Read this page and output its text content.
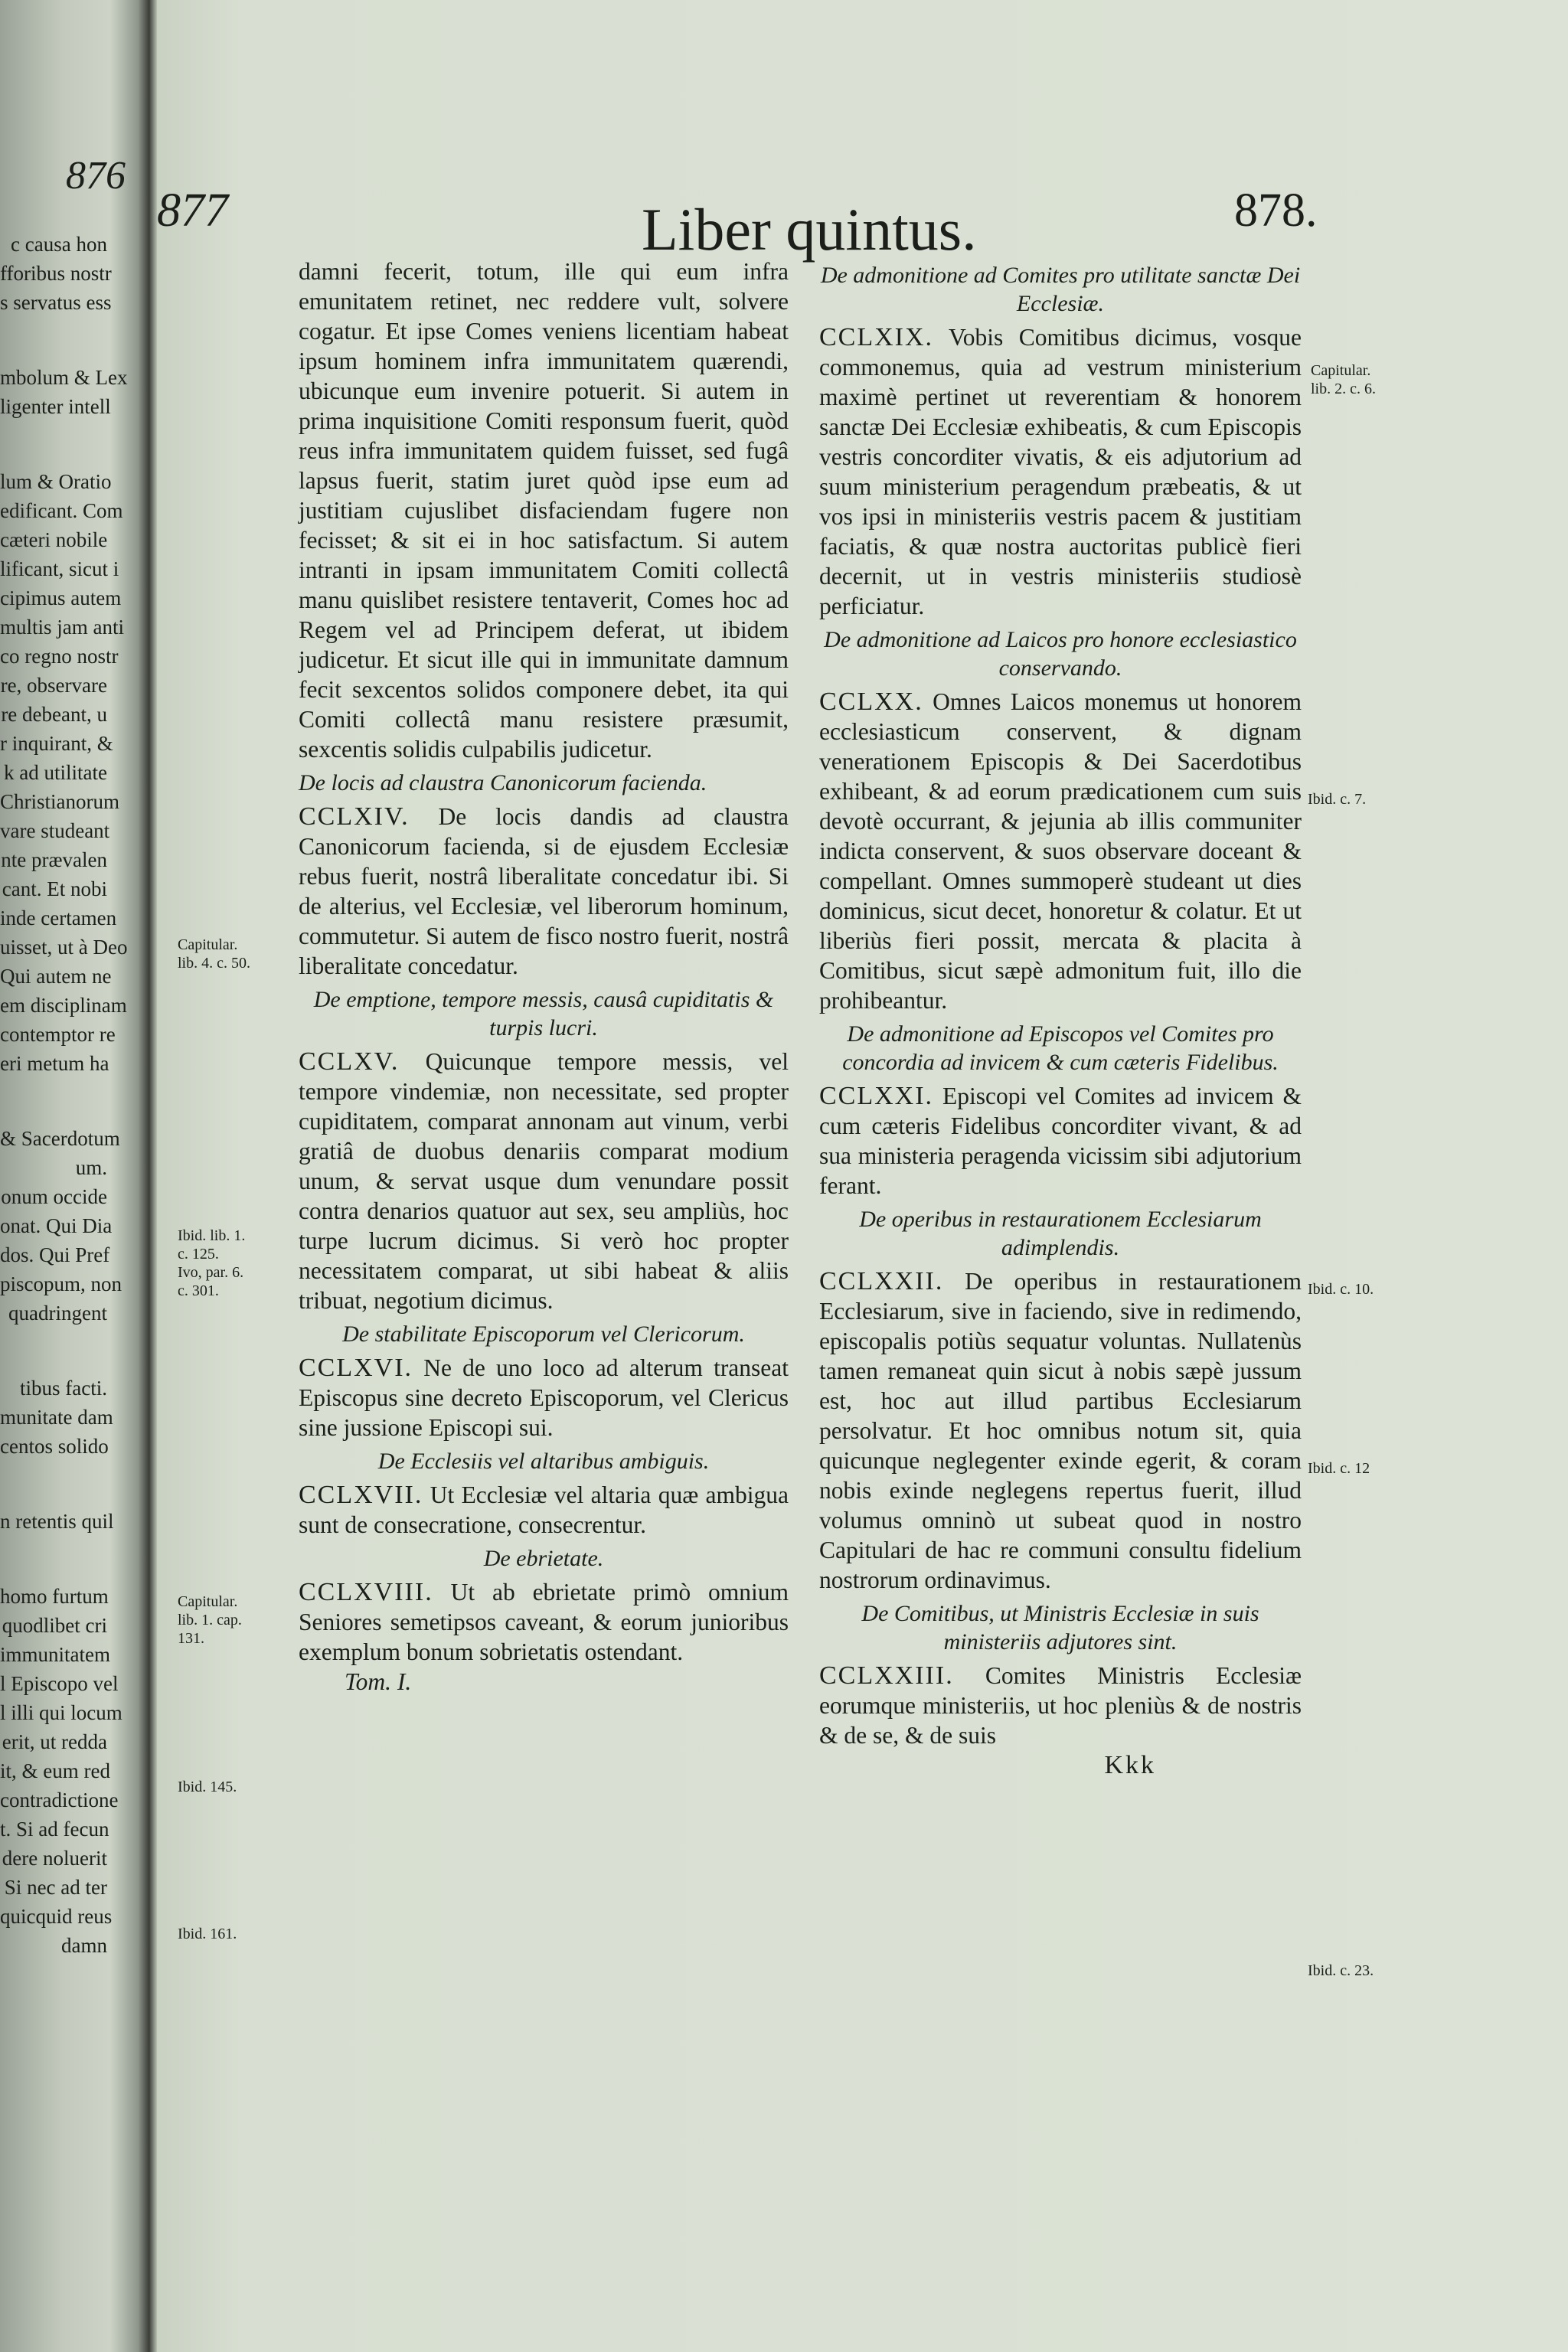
876
c causa hon
fforibus nostr
s servatus ess
mbolum & Lex
ligenter intell
lum & Oratio
edificant. Com
cæteri nobile
lificant, sicut i
cipimus autem
multis jam anti
co regno nostr
re, observare
re debeant, u
r inquirant, &
k ad utilitate
Christianorum
vare studeant
nte prævalen
cant. Et nobi
inde certamen
uisset, ut à Deo
Qui autem ne
em disciplinam
contemptor re
eri metum ha
& Sacerdotum
um.
onum occide
onat. Qui Dia
dos. Qui Pref
piscopum, non
quadringent
tibus facti.
munitate dam
centos solido
n retentis quil
homo furtum
quodlibet cri
immunitatem
l Episcopo vel
l illi qui locum
erit, ut redda
it, & eum red
contradictione
t. Si ad fecun
dere noluerit
Si nec ad ter
quicquid reus
damn
877	Liber quintus.	878.

damni fecerit, totum, ille qui eum infra emunitatem retinet, nec reddere vult, solvere cogatur. Et ipse Comes veniens licentiam habeat ipsum hominem infra immunitatem quærendi, ubicunque eum invenire potuerit. Si autem in prima inquisitione Comiti responsum fuerit, quòd reus infra immunitatem quidem fuisset, sed fugâ lapsus fuerit, statim juret quòd ipse eum ad justitiam cujuslibet disfaciendam fugere non fecisset; & sit ei in hoc satisfactum. Si autem intranti in ipsam immunitatem Comiti collectâ manu quislibet resistere tentaverit, Comes hoc ad Regem vel ad Principem deferat, ut ibidem judicetur. Et sicut ille qui in immunitate damnum fecit sexcentos solidos componere debet, ita qui Comiti collectâ manu resistere præsumit, sexcentis solidis culpabilis judicetur.

De locis ad claustra Canonicorum facienda.

CCLXIV. De locis dandis ad claustra Canonicorum facienda, si de ejusdem Ecclesiæ rebus fuerit, nostrâ liberalitate concedatur ibi. Si de alterius, vel Ecclesiæ, vel liberorum hominum, commutetur. Si autem de fisco nostro fuerit, nostrâ liberalitate concedatur.

De emptione, tempore messis, causâ cupiditatis & turpis lucri.

CCLXV. Quicunque tempore messis, vel tempore vindemiæ, non necessitate, sed propter cupiditatem, comparat annonam aut vinum, verbi gratiâ de duobus denariis comparat modium unum, & servat usque dum venundare possit contra denarios quatuor aut sex, seu ampliùs, hoc turpe lucrum dicimus. Si verò hoc propter necessitatem comparat, ut sibi habeat & aliis tribuat, negotium dicimus.

De stabilitate Episcoporum vel Clericorum.

CCLXVI. Ne de uno loco ad alterum transeat Episcopus sine decreto Episcoporum, vel Clericus sine jussione Episcopi sui.

De Ecclesiis vel altaribus ambiguis.

CCLXVII. Ut Ecclesiæ vel altaria quæ ambigua sunt de consecratione, consecrentur.

De ebrietate.

CCLXVIII. Ut ab ebrietate primò omnium Seniores semetipsos caveant, & eorum junioribus exemplum bonum sobrietatis ostendant.

Tom. I.
De admonitione ad Comites pro utilitate sanctæ Dei Ecclesiæ.

CCLXIX. Vobis Comitibus dicimus, vosque commonemus, quia ad vestrum ministerium maximè pertinet ut reverentiam & honorem sanctæ Dei Ecclesiæ exhibeatis, & cum Episcopis vestris concorditer vivatis, & eis adjutorium ad suum ministerium peragendum præbeatis, & ut vos ipsi in ministeriis vestris pacem & justitiam faciatis, & quæ nostra auctoritas publicè fieri decernit, ut in vestris ministeriis studiosè perficiatur.

De admonitione ad Laicos pro honore ecclesiastico conservando.

CCLXX. Omnes Laicos monemus ut honorem ecclesiasticum conservent, & dignam venerationem Episcopis & Dei Sacerdotibus exhibeant, & ad eorum prædicationem cum suis devotè occurrant, & jejunia ab illis communiter indicta conservent, & suos observare doceant & compellant. Omnes summoperè studeant ut dies dominicus, sicut decet, honoretur & colatur. Et ut liberiùs fieri possit, mercata & placita à Comitibus, sicut sæpè admonitum fuit, illo die prohibeantur.

De admonitione ad Episcopos vel Comites pro concordia ad invicem & cum cæteris Fidelibus.

CCLXXI. Episcopi vel Comites ad invicem & cum cæteris Fidelibus concorditer vivant, & ad sua ministeria peragenda vicissim sibi adjutorium ferant.

De operibus in restaurationem Ecclesiarum adimplendis.

CCLXXII. De operibus in restaurationem Ecclesiarum, sive in faciendo, sive in redimendo, episcopalis potiùs sequatur voluntas. Nullatenùs tamen remaneat quin sicut à nobis sæpè jussum est, hoc aut illud partibus Ecclesiarum persolvatur. Et hoc omnibus notum sit, quia quicunque neglegenter exinde egerit, & coram nobis exinde neglegens repertus fuerit, illud volumus omninò ut subeat quod in nostro Capitulari de hac re communi consultu fidelium nostrorum ordinavimus.

De Comitibus, ut Ministris Ecclesiæ in suis ministeriis adjutores sint.

CCLXXIII. Comites Ministris Ecclesiæ eorumque ministeriis, ut hoc pleniùs & de nostris & de se, & de suis

Kkk
Capitular.
lib. 4. c. 50.
Ibid. lib. 1.
c. 125.
Ivo, par. 6.
c. 301.
Capitular.
lib. 1. cap.
131.
Ibid. 145.
Ibid. 161.
Capitular.
lib. 2. c. 6.
Ibid. c. 7.
Ibid. c. 10.
Ibid. c. 12
Ibid. c. 23.
